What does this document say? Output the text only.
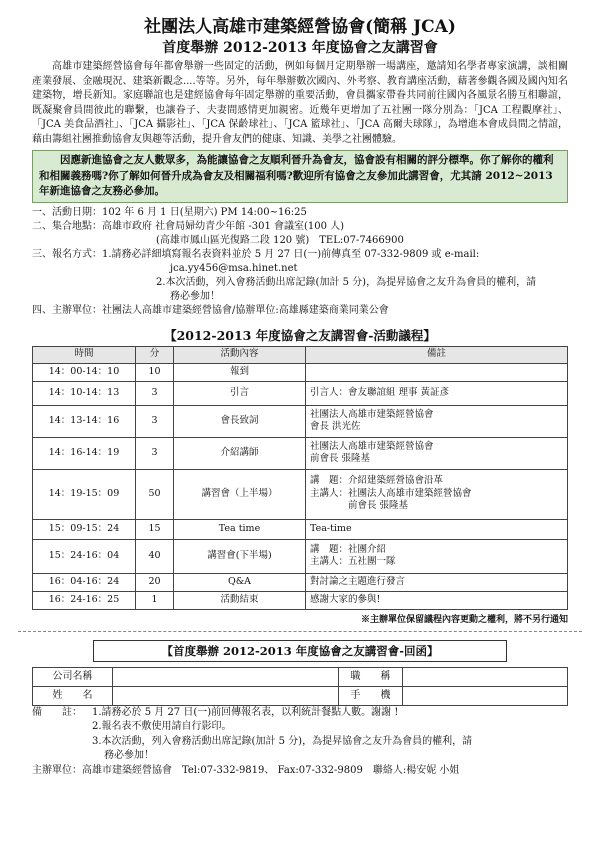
社團法人高雄市建築經營協會(簡稱 JCA)
首度舉辦 2012-2013 年度協會之友講習會

高雄市建築經營協會每年都會舉辦一些固定的活動，例如每個月定期舉辦一場講座，邀請知名學者專家演講，談相關產業發展、金融現況、建築新觀念....等等。另外，每年舉辦數次國內、外考察、教育講座活動，藉著參觀各國及國內知名建築物，增長新知。家庭聯誼也是建經協會每年固定舉辦的重要活動，會員攜家帶眷共同前往國內各風景名勝互相聯誼，既凝聚會員間彼此的聯繫，也讓眷子、夫妻間感情更加親密。近幾年更增加了五社團一隊分別為：「JCA 工程觀摩社」、「JCA 美食品酒社」、「JCA 攝影社」、「JCA 保齡球社」、「JCA 籃球社」、「JCA 高爾夫球隊」，為增進本會成員間之情誼，藉由籌組社團推動協會友與趣等活動，提升會友們的健康、知識、美學之社團體驗。

因應新進協會之友人數眾多，為能讓協會之友順利晉升為會友，協會設有相關的評分標準。你了解你的權利和相關義務嗎?你了解如何晉升成為會友及相關福利嗎?歡迎所有協會之友參加此講習會，尤其請 2012~2013 年新進協會之友務必參加。
一、活動日期： 102 年 6 月 1 日(星期六) PM 14:00~16:25
二、集合地點： 高雄市政府 社會局婦幼青少年館 -301 會議室(100 人)
(高雄市鳳山區光復路二段 120 號)　TEL:07-7466900
三、報名方式： 1.請務必詳細填寫報名表資料並於 5 月 27 日(一)前傳真至 07-332-9809 或 e-mail:
jca.yy456@msa.hinet.net
2.本次活動，列入會務活動出席記錄(加計 5 分)，為提昇協會之友升為會員的權利，請
務必參加！
四、主辦單位： 社團法人高雄市建築經營協會/協辦單位:高雄縣建築商業同業公會
【2012-2013 年度協會之友講習會-活動議程】
時間	分	活動內容	備註
14：00-14：10	10	報到	
14：10-14：13	3	引言	引言人：會友聯誼組 理事 黃証彥
14：13-14：16	3	會長致詞	社團法人高雄市建築經營協會
會長 洪光佐

14：16-14：19	3	介紹講師	社團法人高雄市建築經營協會
前會長 張隆基

14：19-15：09	50	講習會（上半場）	講　題：介紹建築經營協會沿革
主講人：社團法人高雄市建築經營協會
　　　　前會長 張隆基

15：09-15：24	15	Tea time	Tea-time
15：24-16：04	40	講習會(下半場)	講　題：社團介紹
主講人：五社團一隊

16：04-16：24	20	Q&A	對討論之主題進行發言
16：24-16：25	1	活動結束	感謝大家的參與!
※主辦單位保留議程內容更動之權利，將不另行通知
【首度舉辦 2012-2013 年度協會之友講習會-回函】
公司名稱		職　　稱	
姓　　名		手　　機	
備　　註：	1.請務必於 5 月 27 日(一)前回傳報名表，以利統計餐點人數。謝謝 !
2.報名表不敷使用請自行影印。
3.本次活動，列入會務活動出席記錄(加計 5 分)，為提昇協會之友升為會員的權利，請
務必參加！
主辦單位：高雄市建築經營協會　Tel:07-332-9819、 Fax:07-332-9809　聯絡人:楊安妮 小姐
